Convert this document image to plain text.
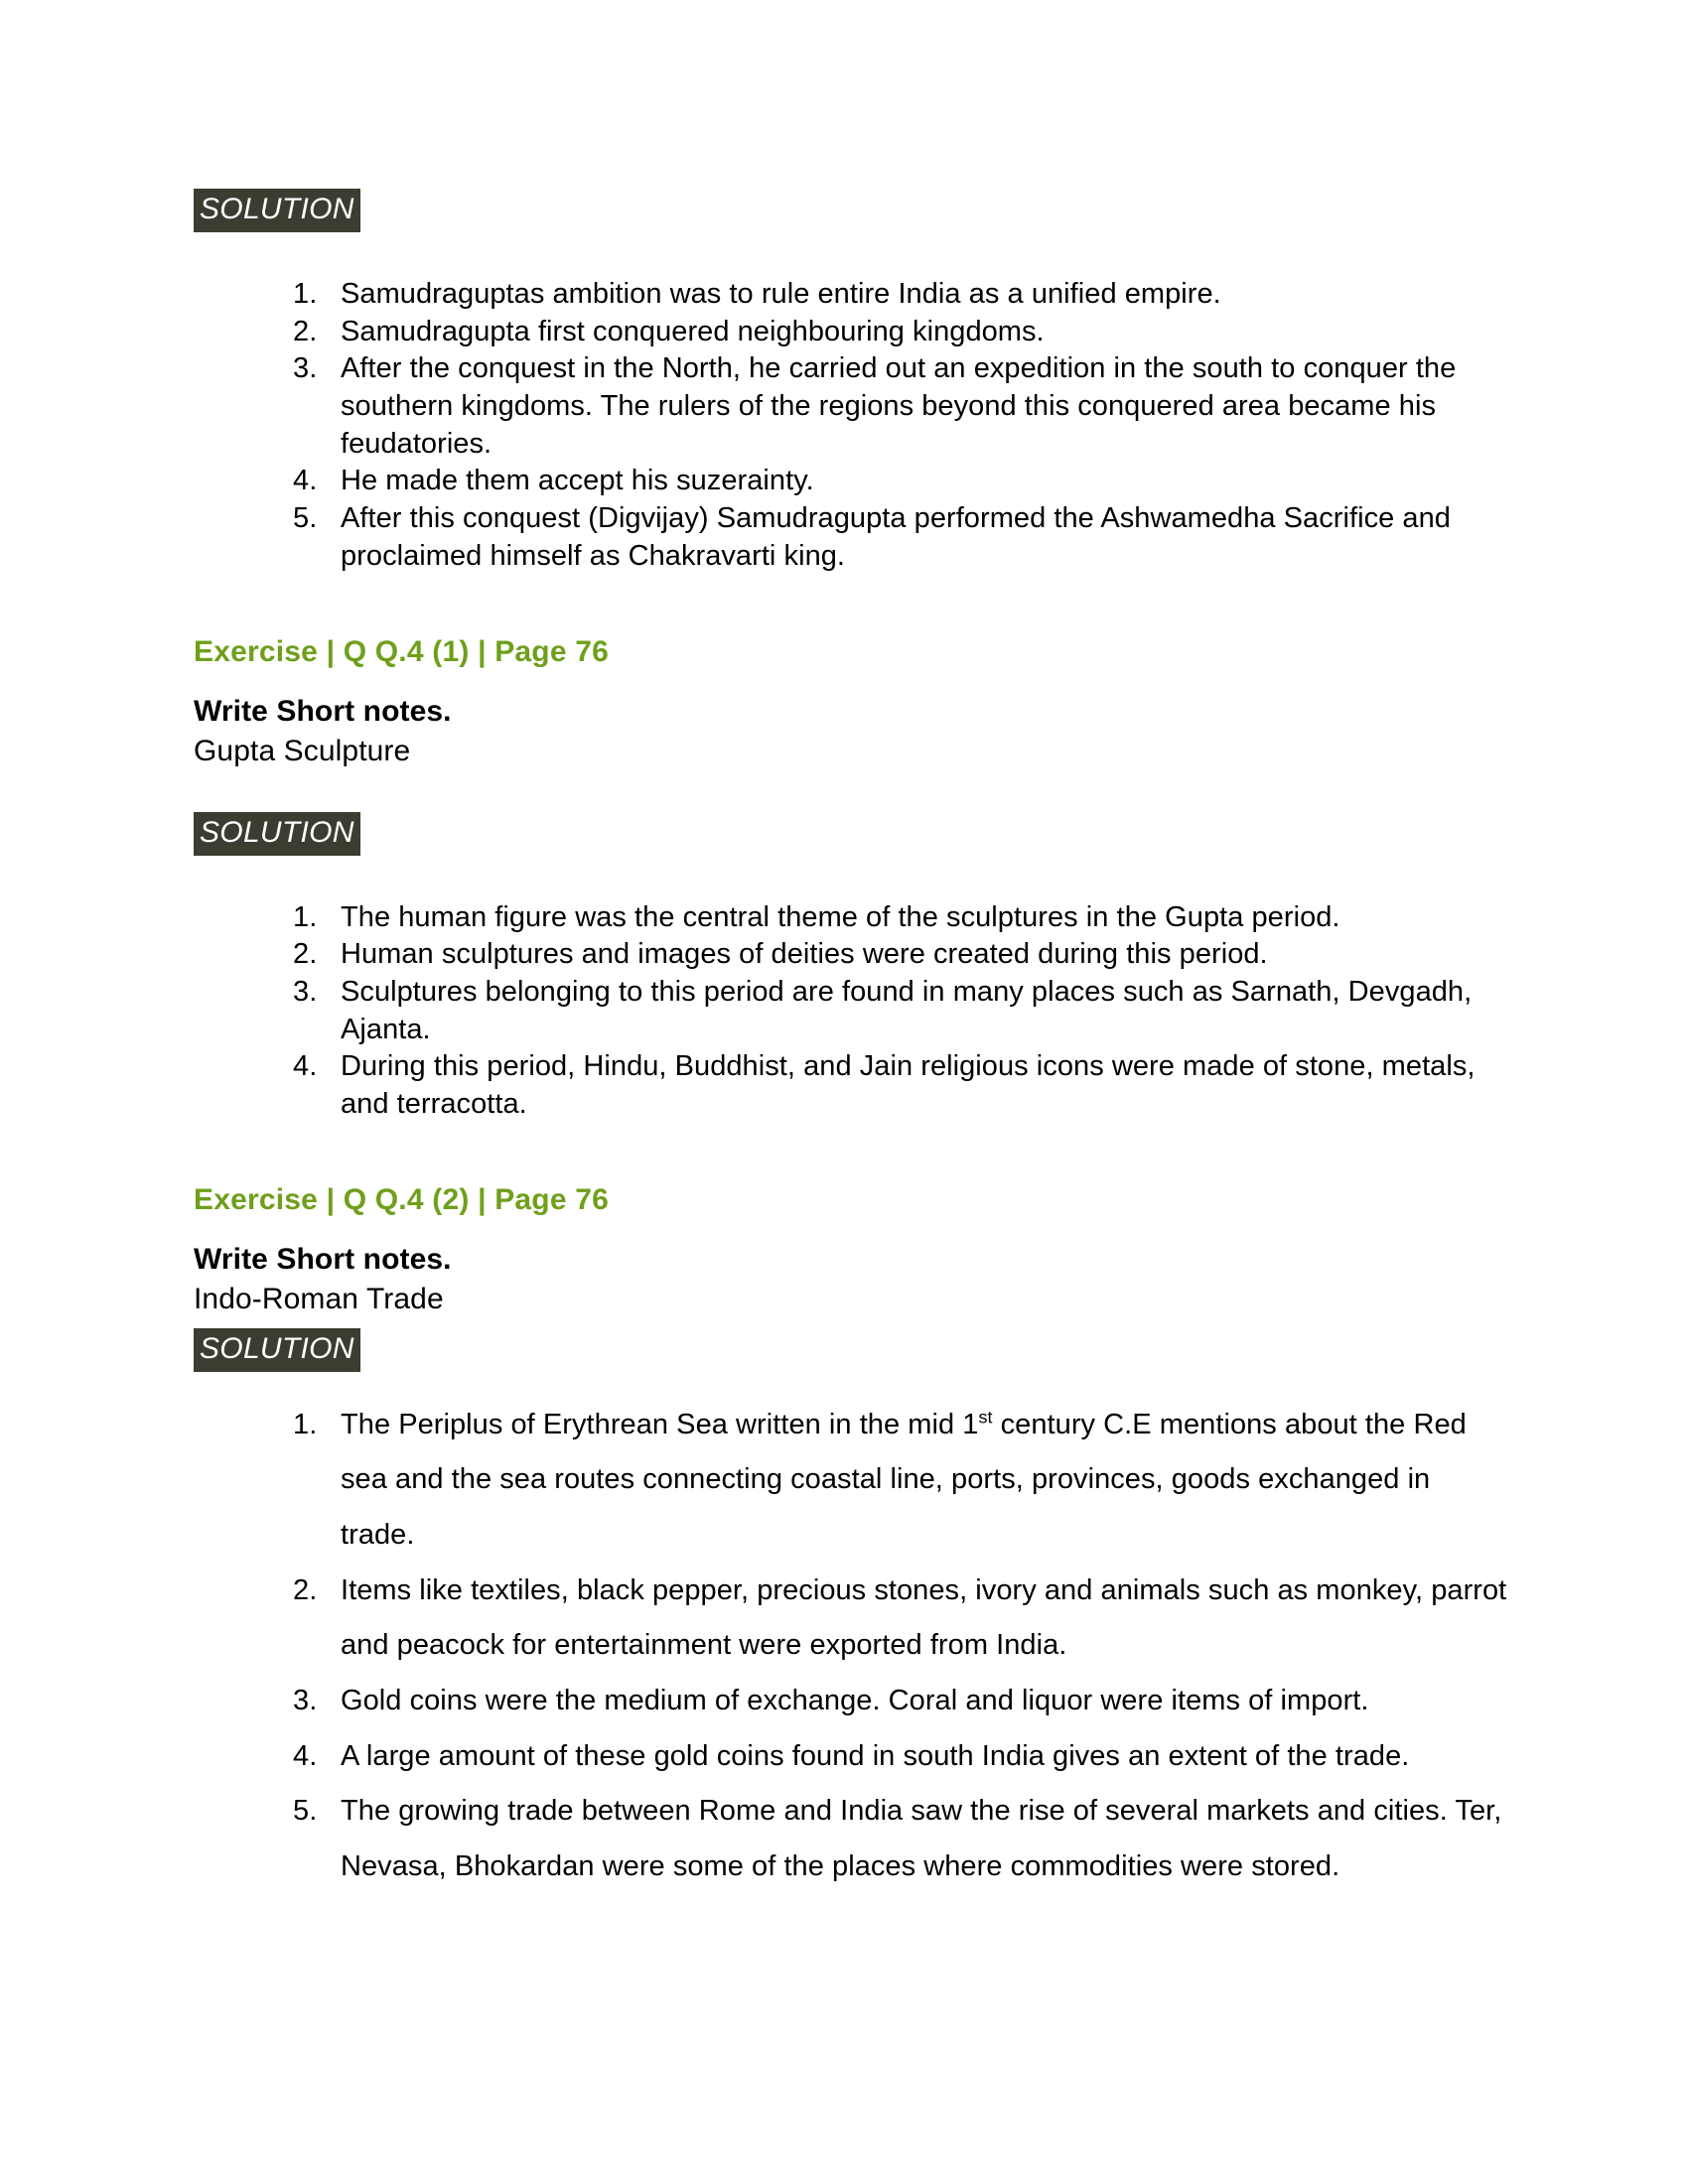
SOLUTION
Samudraguptas ambition was to rule entire India as a unified empire.
Samudragupta first conquered neighbouring kingdoms.
After the conquest in the North, he carried out an expedition in the south to conquer the southern kingdoms. The rulers of the regions beyond this conquered area became his feudatories.
He made them accept his suzerainty.
After this conquest (Digvijay) Samudragupta performed the Ashwamedha Sacrifice and proclaimed himself as Chakravarti king.
Exercise | Q Q.4 (1) | Page 76
Write Short notes.
Gupta Sculpture
SOLUTION
The human figure was the central theme of the sculptures in the Gupta period.
Human sculptures and images of deities were created during this period.
Sculptures belonging to this period are found in many places such as Sarnath, Devgadh, Ajanta.
During this period, Hindu, Buddhist, and Jain religious icons were made of stone, metals, and terracotta.
Exercise | Q Q.4 (2) | Page 76
Write Short notes.
Indo-Roman Trade
SOLUTION
The Periplus of Erythrean Sea written in the mid 1st century C.E mentions about the Red sea and the sea routes connecting coastal line, ports, provinces, goods exchanged in trade.
Items like textiles, black pepper, precious stones, ivory and animals such as monkey, parrot and peacock for entertainment were exported from India.
Gold coins were the medium of exchange. Coral and liquor were items of import.
A large amount of these gold coins found in south India gives an extent of the trade.
The growing trade between Rome and India saw the rise of several markets and cities. Ter, Nevasa, Bhokardan were some of the places where commodities were stored.
